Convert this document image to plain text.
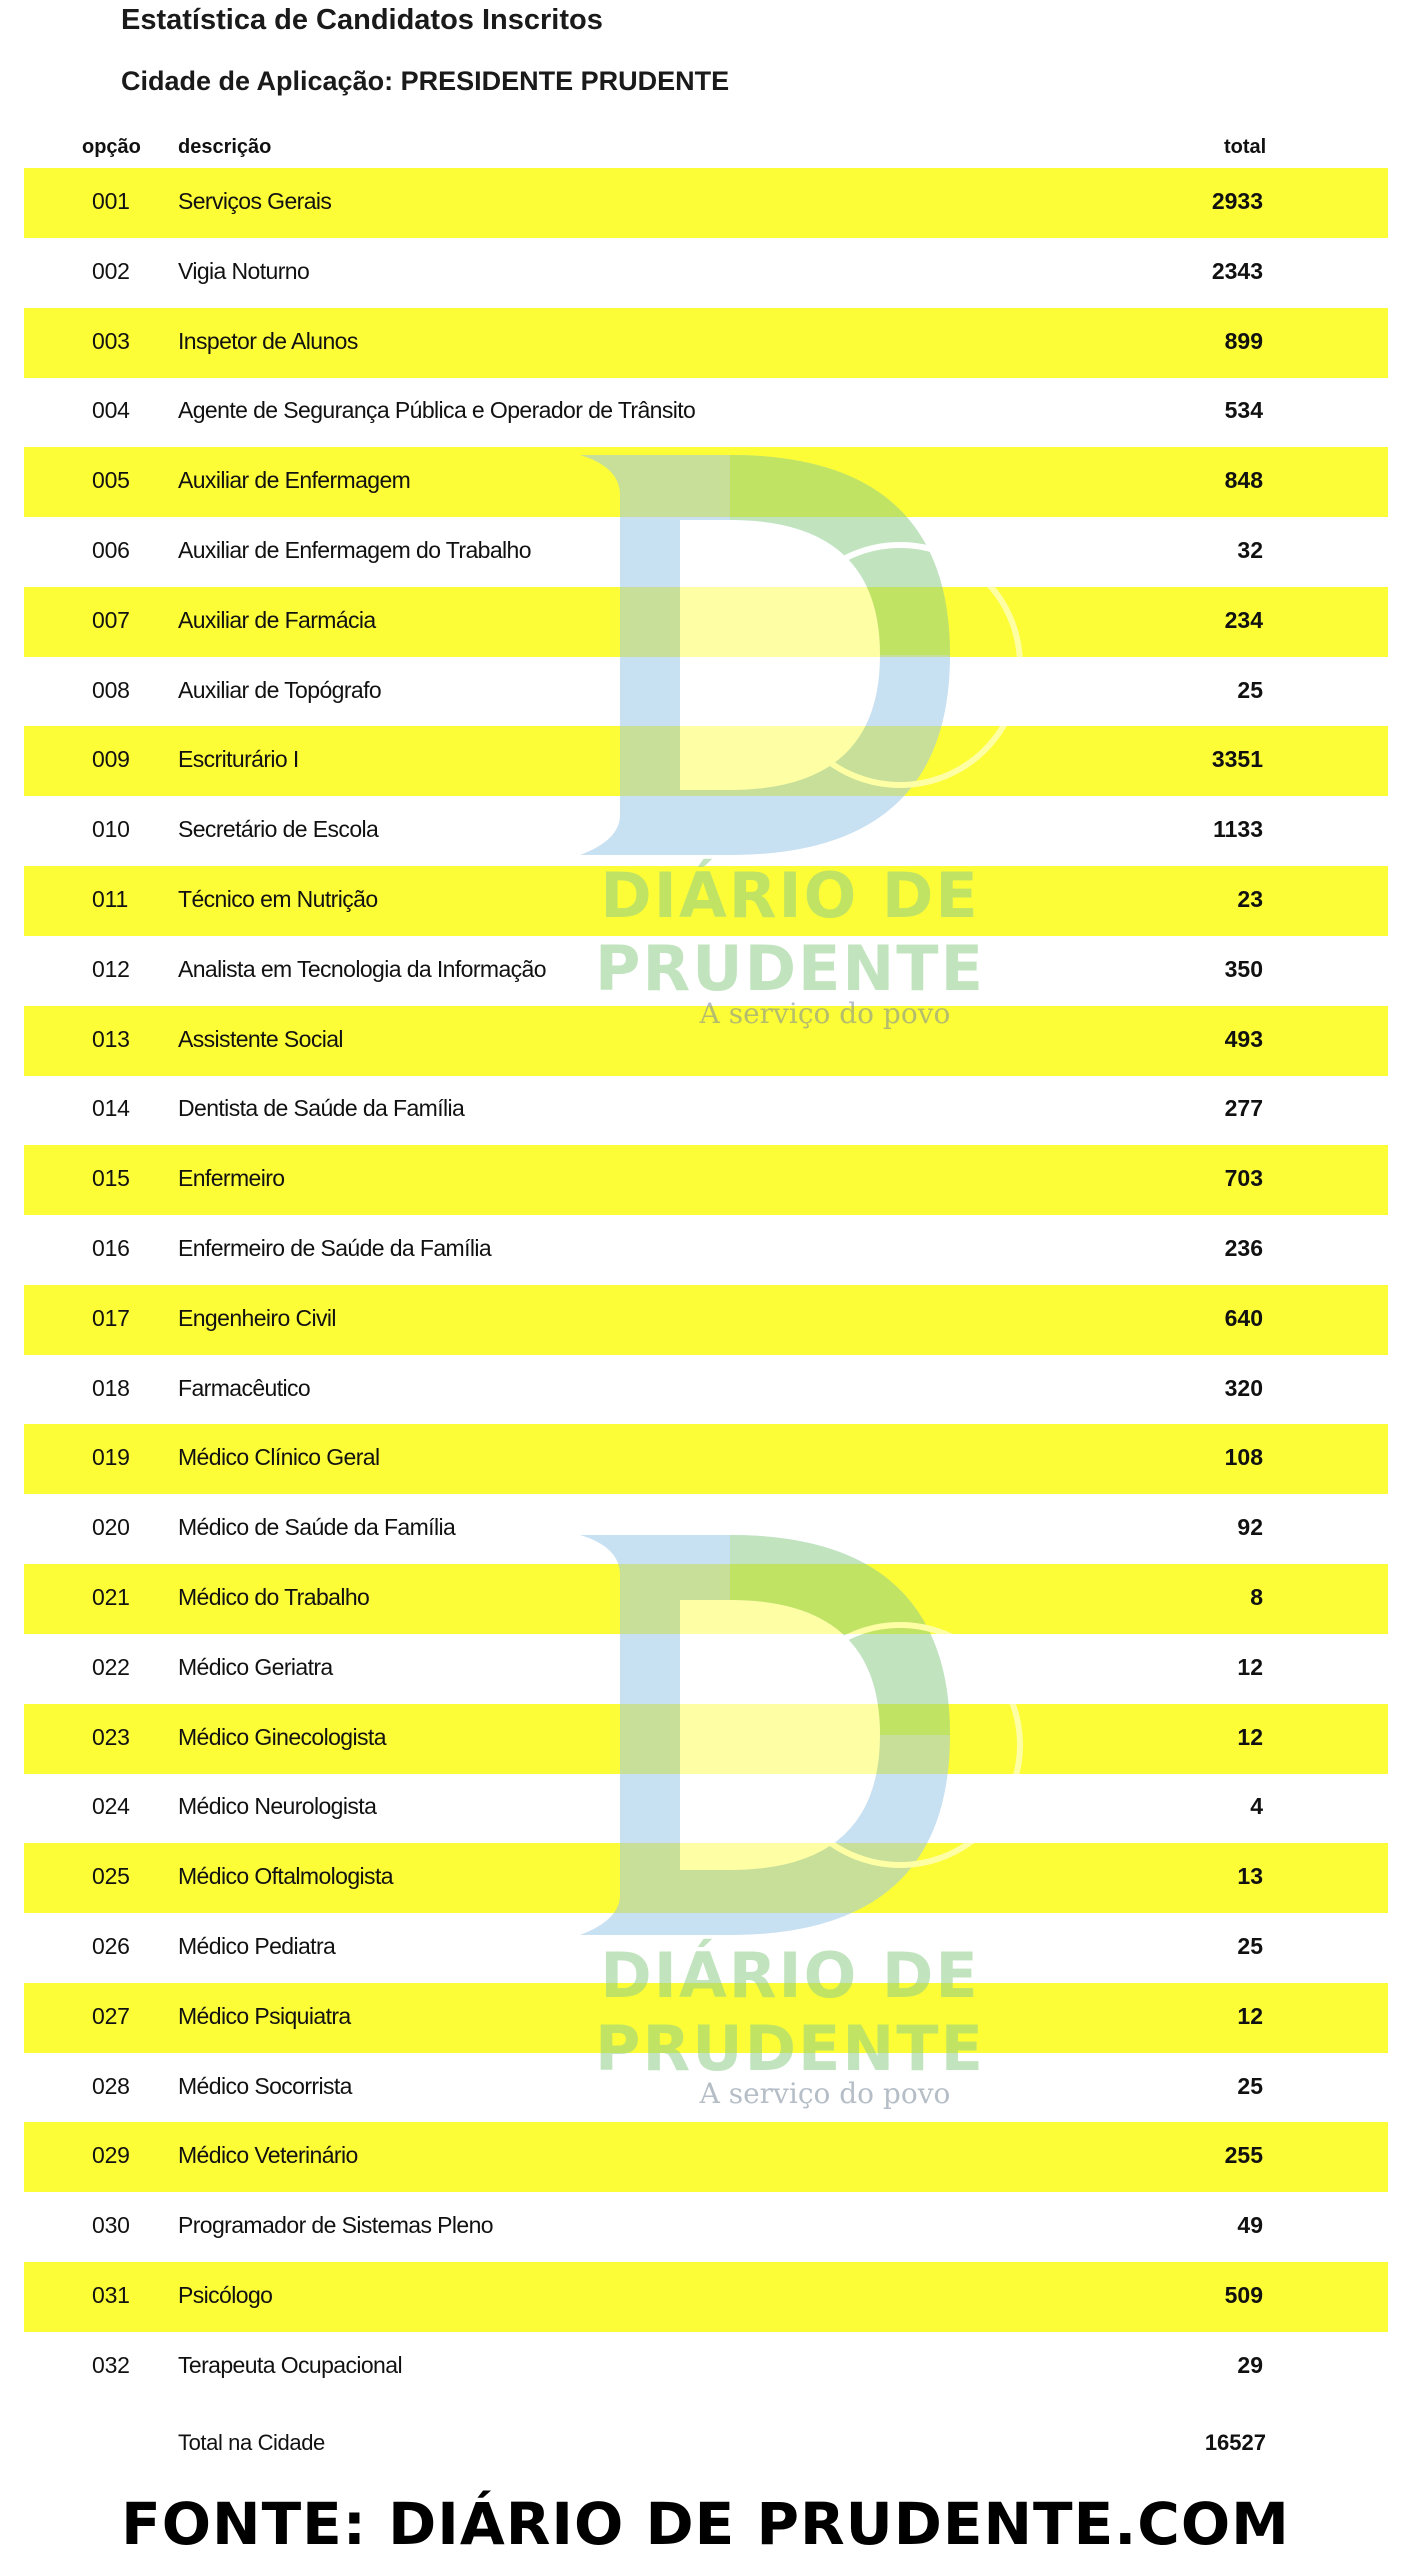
Estatística de Candidatos Inscritos
Cidade de Aplicação: PRESIDENTE PRUDENTE
opção descrição	total
001 Serviços Gerais	2933
002 Vigia Noturno	2343
003 Inspetor de Alunos	899
004 Agente de Segurança Pública e Operador de Trânsito	534
005 Auxiliar de Enfermagem	848
006 Auxiliar de Enfermagem do Trabalho	32
007 Auxiliar de Farmácia	234
008 Auxiliar de Topógrafo	25
009 Escriturário I	3351
010 Secretário de Escola	1133
011 Técnico em Nutrição	23
012 Analista em Tecnologia da Informação	350
013 Assistente Social	493
014 Dentista de Saúde da Família	277
015 Enfermeiro	703
016 Enfermeiro de Saúde da Família	236
017 Engenheiro Civil	640
018 Farmacêutico	320
019 Médico Clínico Geral	108
020 Médico de Saúde da Família	92
021 Médico do Trabalho	8
022 Médico Geriatra	12
023 Médico Ginecologista	12
024 Médico Neurologista	4
025 Médico Oftalmologista	13
026 Médico Pediatra	25
027 Médico Psiquiatra	12
028 Médico Socorrista	25
029 Médico Veterinário	255
030 Programador de Sistemas Pleno	49
031 Psicólogo	509
032 Terapeuta Ocupacional	29
Total na Cidade	16527
DIÁRIO DE PRUDENTE
A serviço do povo
DIÁRIO DE PRUDENTE
A serviço do povo
FONTE: DIÁRIO DE PRUDENTE.COM
